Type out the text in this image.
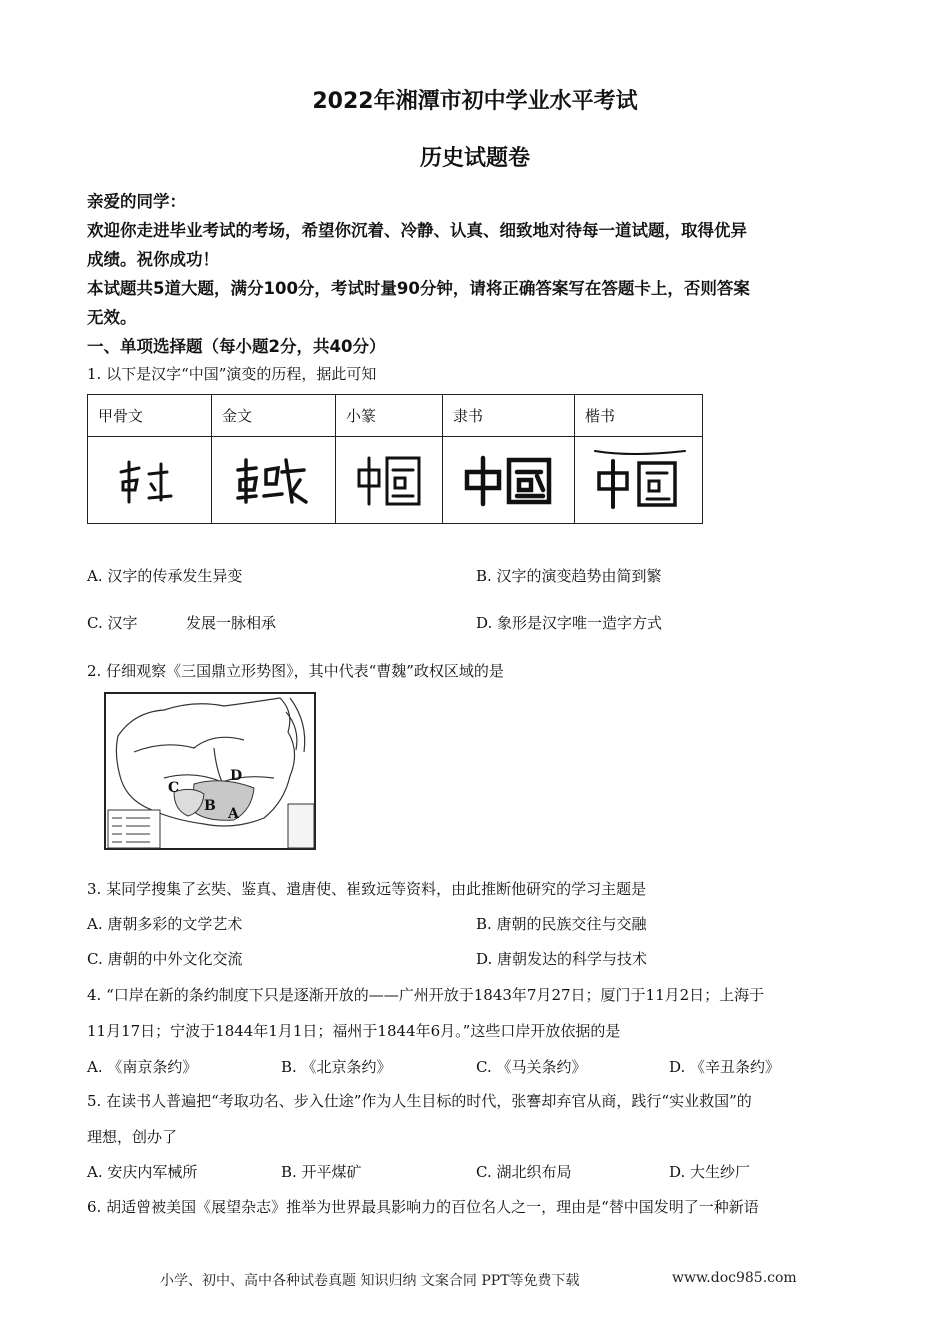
2022年湘潭市初中学业水平考试
历史试题卷
亲爱的同学：
欢迎你走进毕业考试的考场，希望你沉着、冷静、认真、细致地对待每一道试题，取得优异
成绩。祝你成功！
本试题共5道大题，满分100分，考试时量90分钟，请将正确答案写在答题卡上，否则答案
无效。
一、单项选择题（每小题2分，共40分）
1. 以下是汉字“中国”演变的历程，据此可知
甲骨文	金文	小篆	隶书	楷书

A. 汉字的传承发生异变	B. 汉字的演变趋势由简到繁
C. 汉字	发展一脉相承	D. 象形是汉字唯一造字方式
2. 仔细观察《三国鼎立形势图》，其中代表“曹魏”政权区域的是
A
B
C
D
3. 某同学搜集了玄奘、鉴真、遣唐使、崔致远等资料，由此推断他研究的学习主题是
A. 唐朝多彩的文学艺术	B. 唐朝的民族交往与交融
C. 唐朝的中外文化交流	D. 唐朝发达的科学与技术
4. “口岸在新的条约制度下只是逐渐开放的——广州开放于1843年7月27日；厦门于11月2日；上海于
11月17日；宁波于1844年1月1日；福州于1844年6月。”这些口岸开放依据的是
A. 《南京条约》	B. 《北京条约》	C. 《马关条约》	D. 《辛丑条约》
5. 在读书人普遍把“考取功名、步入仕途”作为人生目标的时代，张謇却弃官从商，践行“实业救国”的
理想，创办了
A. 安庆内军械所	B. 开平煤矿	C. 湖北织布局	D. 大生纱厂
6. 胡适曾被美国《展望杂志》推举为世界最具影响力的百位名人之一，理由是“替中国发明了一种新语
小学、初中、高中各种试卷真题 知识归纳 文案合同 PPT等免费下载	www.doc985.com
